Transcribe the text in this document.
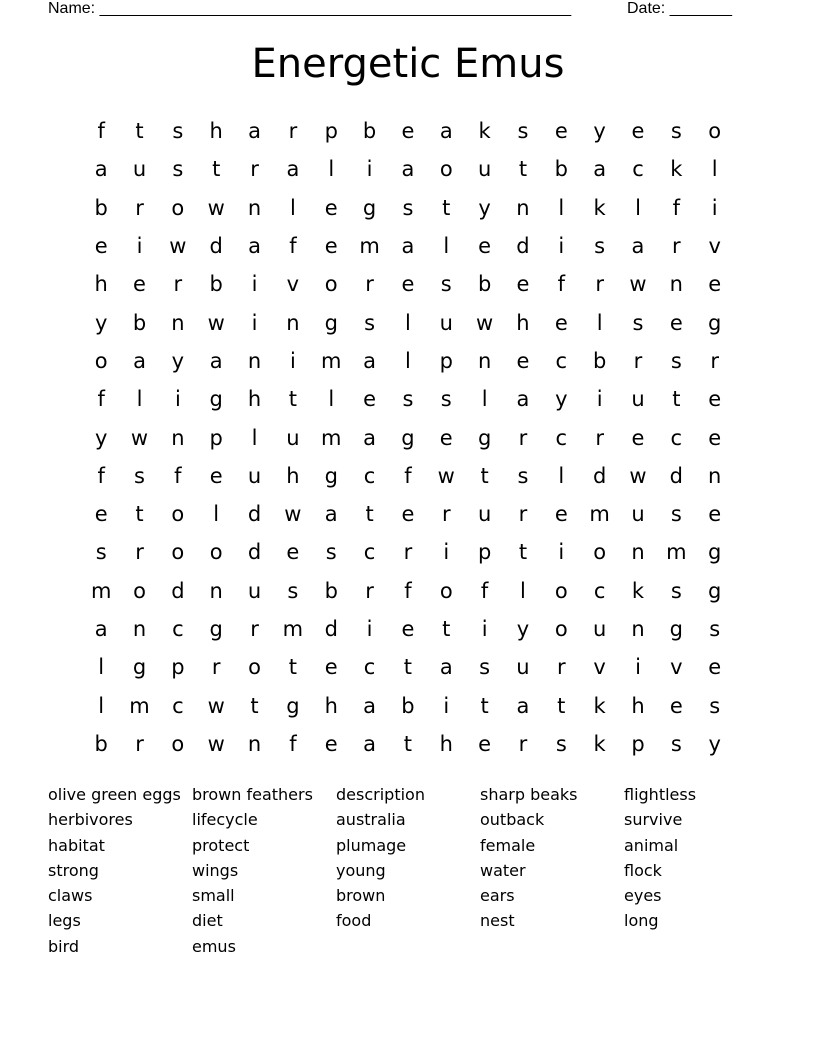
Name: _____________________________________________________	Date: _______
Energetic Emus
f	t	s	h	a	r	p	b	e	a	k	s	e	y	e	s	o
a	u	s	t	r	a	l	i	a	o	u	t	b	a	c	k	l
b	r	o	w	n	l	e	g	s	t	y	n	l	k	l	f	i
e	i	w	d	a	f	e	m	a	l	e	d	i	s	a	r	v
h	e	r	b	i	v	o	r	e	s	b	e	f	r	w	n	e
y	b	n	w	i	n	g	s	l	u	w	h	e	l	s	e	g
o	a	y	a	n	i	m	a	l	p	n	e	c	b	r	s	r
f	l	i	g	h	t	l	e	s	s	l	a	y	i	u	t	e
y	w	n	p	l	u	m	a	g	e	g	r	c	r	e	c	e
f	s	f	e	u	h	g	c	f	w	t	s	l	d	w	d	n
e	t	o	l	d	w	a	t	e	r	u	r	e	m	u	s	e
s	r	o	o	d	e	s	c	r	i	p	t	i	o	n	m	g
m	o	d	n	u	s	b	r	f	o	f	l	o	c	k	s	g
a	n	c	g	r	m	d	i	e	t	i	y	o	u	n	g	s
l	g	p	r	o	t	e	c	t	a	s	u	r	v	i	v	e
l	m	c	w	t	g	h	a	b	i	t	a	t	k	h	e	s
b	r	o	w	n	f	e	a	t	h	e	r	s	k	p	s	y
olive green eggs
herbivores
habitat
strong
claws
legs
bird
brown feathers
lifecycle
protect
wings
small
diet
emus
description
australia
plumage
young
brown
food
sharp beaks
outback
female
water
ears
nest
flightless
survive
animal
flock
eyes
long
